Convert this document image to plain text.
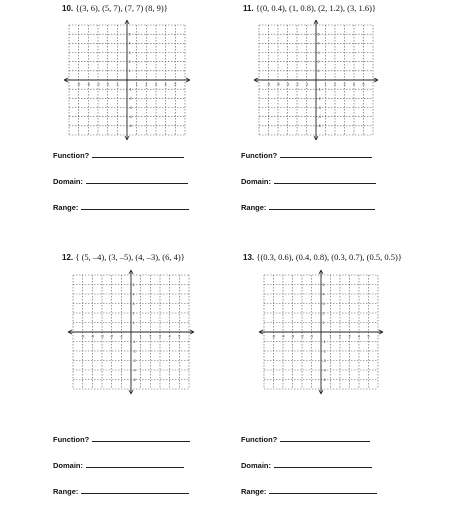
10. {(3, 6), (5, 7), (7, 7) (8, 9)}
-5 -4 -3 -2 -1	1 2 3 4 5
5
4
3
2
1
-1
-2
-3
-4
-5
Function?
Domain:
Range:
11. {(0, 0.4), (1, 0.8), (2, 1.2), (3, 1.6)}
-5 -4 -3 -2 -1	1 2 3 4 5
5
4
3
2
1
-1
-2
-3
-4
-5
Function?
Domain:
Range:
12. { (5, –4), (3, –5), (4, –3), (6, 4)}
-5 -4 -3 -2 -1	1 2 3 4 5
5
4
3
2
1
-1
-2
-3
-4
-5
Function?
Domain:
Range:
13. {(0.3, 0.6), (0.4, 0.8), (0.3, 0.7), (0.5, 0.5)}
-5 -4 -3 -2 -1	1 2 3 4 5
5
4
3
2
1
-1
-2
-3
-4
-5
Function?
Domain:
Range:
